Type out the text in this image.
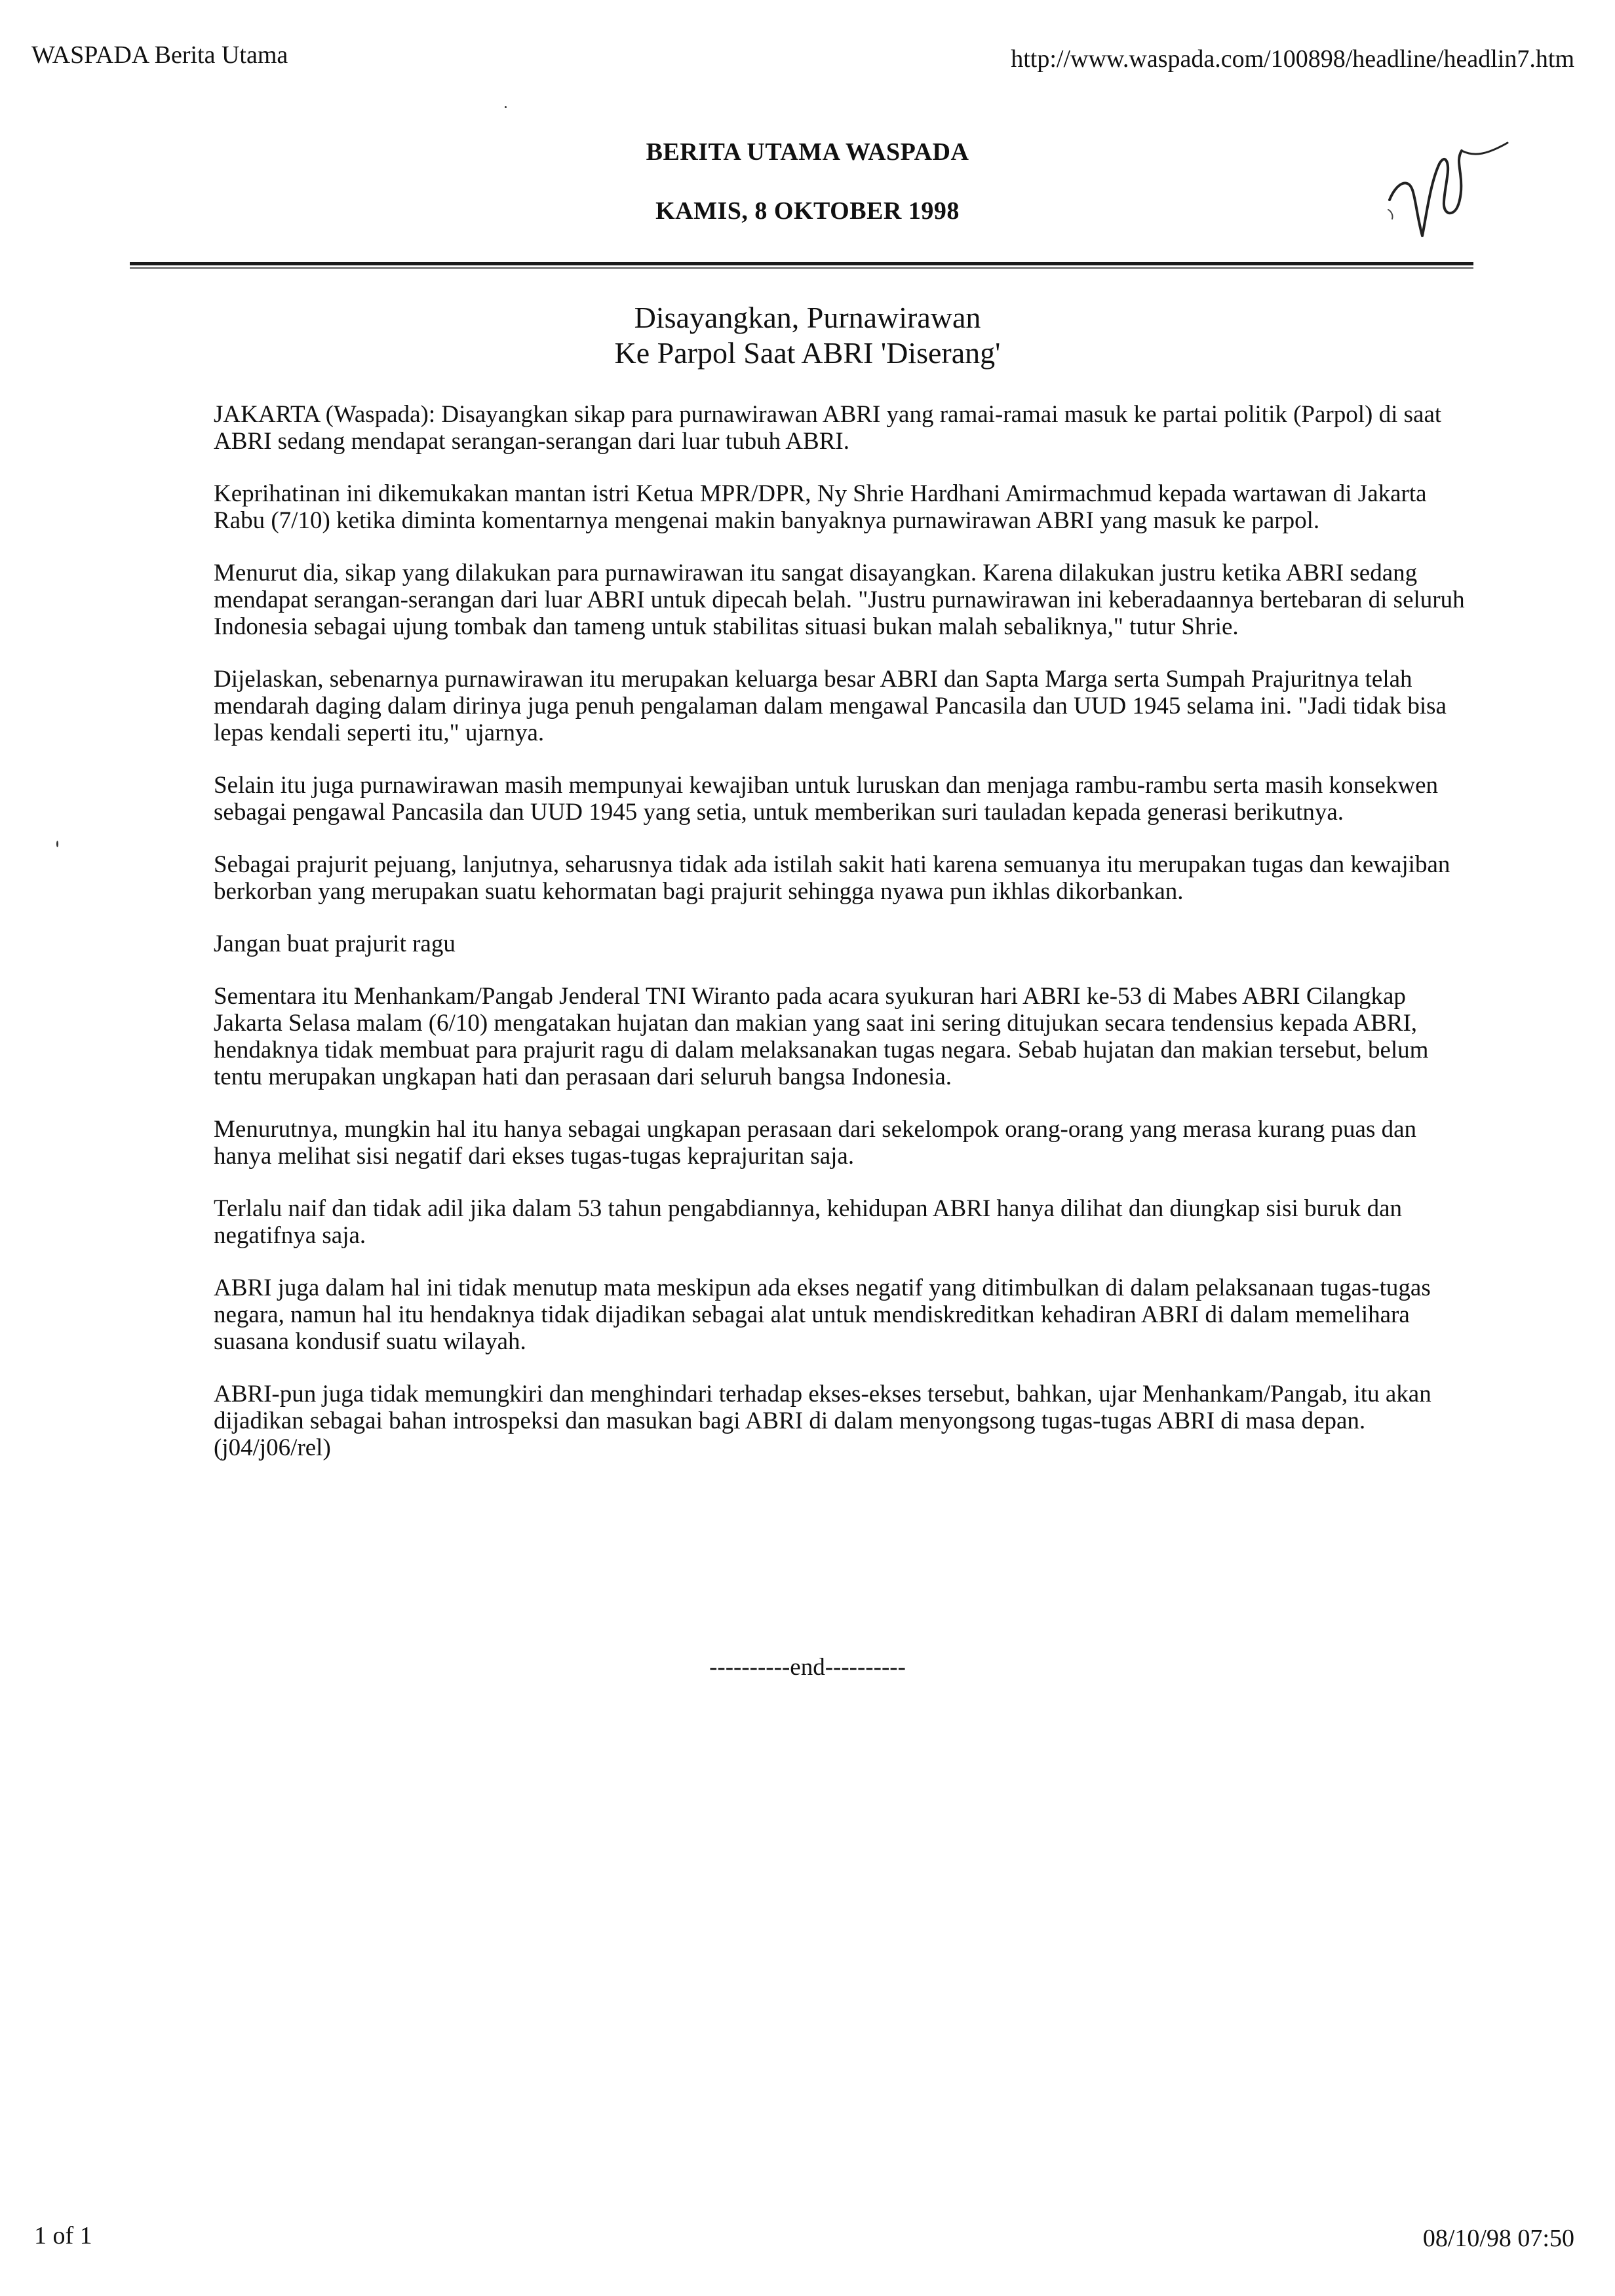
WASPADA Berita Utama	http://www.waspada.com/100898/headline/headlin7.htm
BERITA UTAMA WASPADA
KAMIS, 8 OKTOBER 1998
Disayangkan, Purnawirawan
Ke Parpol Saat ABRI 'Diserang'

JAKARTA (Waspada): Disayangkan sikap para purnawirawan ABRI yang ramai-ramai masuk ke partai politik (Parpol) di saat ABRI sedang mendapat serangan-serangan dari luar tubuh ABRI.

Keprihatinan ini dikemukakan mantan istri Ketua MPR/DPR, Ny Shrie Hardhani Amirmachmud kepada wartawan di Jakarta Rabu (7/10) ketika diminta komentarnya mengenai makin banyaknya purnawirawan ABRI yang masuk ke parpol.

Menurut dia, sikap yang dilakukan para purnawirawan itu sangat disayangkan. Karena dilakukan justru ketika ABRI sedang mendapat serangan-serangan dari luar ABRI untuk dipecah belah. "Justru purnawirawan ini keberadaannya bertebaran di seluruh Indonesia sebagai ujung tombak dan tameng untuk stabilitas situasi bukan malah sebaliknya," tutur Shrie.

Dijelaskan, sebenarnya purnawirawan itu merupakan keluarga besar ABRI dan Sapta Marga serta Sumpah Prajuritnya telah mendarah daging dalam dirinya juga penuh pengalaman dalam mengawal Pancasila dan UUD 1945 selama ini. "Jadi tidak bisa lepas kendali seperti itu," ujarnya.

Selain itu juga purnawirawan masih mempunyai kewajiban untuk luruskan dan menjaga rambu-rambu serta masih konsekwen sebagai pengawal Pancasila dan UUD 1945 yang setia, untuk memberikan suri tauladan kepada generasi berikutnya.

Sebagai prajurit pejuang, lanjutnya, seharusnya tidak ada istilah sakit hati karena semuanya itu merupakan tugas dan kewajiban berkorban yang merupakan suatu kehormatan bagi prajurit sehingga nyawa pun ikhlas dikorbankan.

Jangan buat prajurit ragu

Sementara itu Menhankam/Pangab Jenderal TNI Wiranto pada acara syukuran hari ABRI ke-53 di Mabes ABRI Cilangkap Jakarta Selasa malam (6/10) mengatakan hujatan dan makian yang saat ini sering ditujukan secara tendensius kepada ABRI, hendaknya tidak membuat para prajurit ragu di dalam melaksanakan tugas negara. Sebab hujatan dan makian tersebut, belum tentu merupakan ungkapan hati dan perasaan dari seluruh bangsa Indonesia.

Menurutnya, mungkin hal itu hanya sebagai ungkapan perasaan dari sekelompok orang-orang yang merasa kurang puas dan hanya melihat sisi negatif dari ekses tugas-tugas keprajuritan saja.

Terlalu naif dan tidak adil jika dalam 53 tahun pengabdiannya, kehidupan ABRI hanya dilihat dan diungkap sisi buruk dan negatifnya saja.

ABRI juga dalam hal ini tidak menutup mata meskipun ada ekses negatif yang ditimbulkan di dalam pelaksanaan tugas-tugas negara, namun hal itu hendaknya tidak dijadikan sebagai alat untuk mendiskreditkan kehadiran ABRI di dalam memelihara suasana kondusif suatu wilayah.

ABRI-pun juga tidak memungkiri dan menghindari terhadap ekses-ekses tersebut, bahkan, ujar Menhankam/Pangab, itu akan dijadikan sebagai bahan introspeksi dan masukan bagi ABRI di dalam menyongsong tugas-tugas ABRI di masa depan.(j04/j06/rel)

----------end----------
1 of 1	08/10/98 07:50
